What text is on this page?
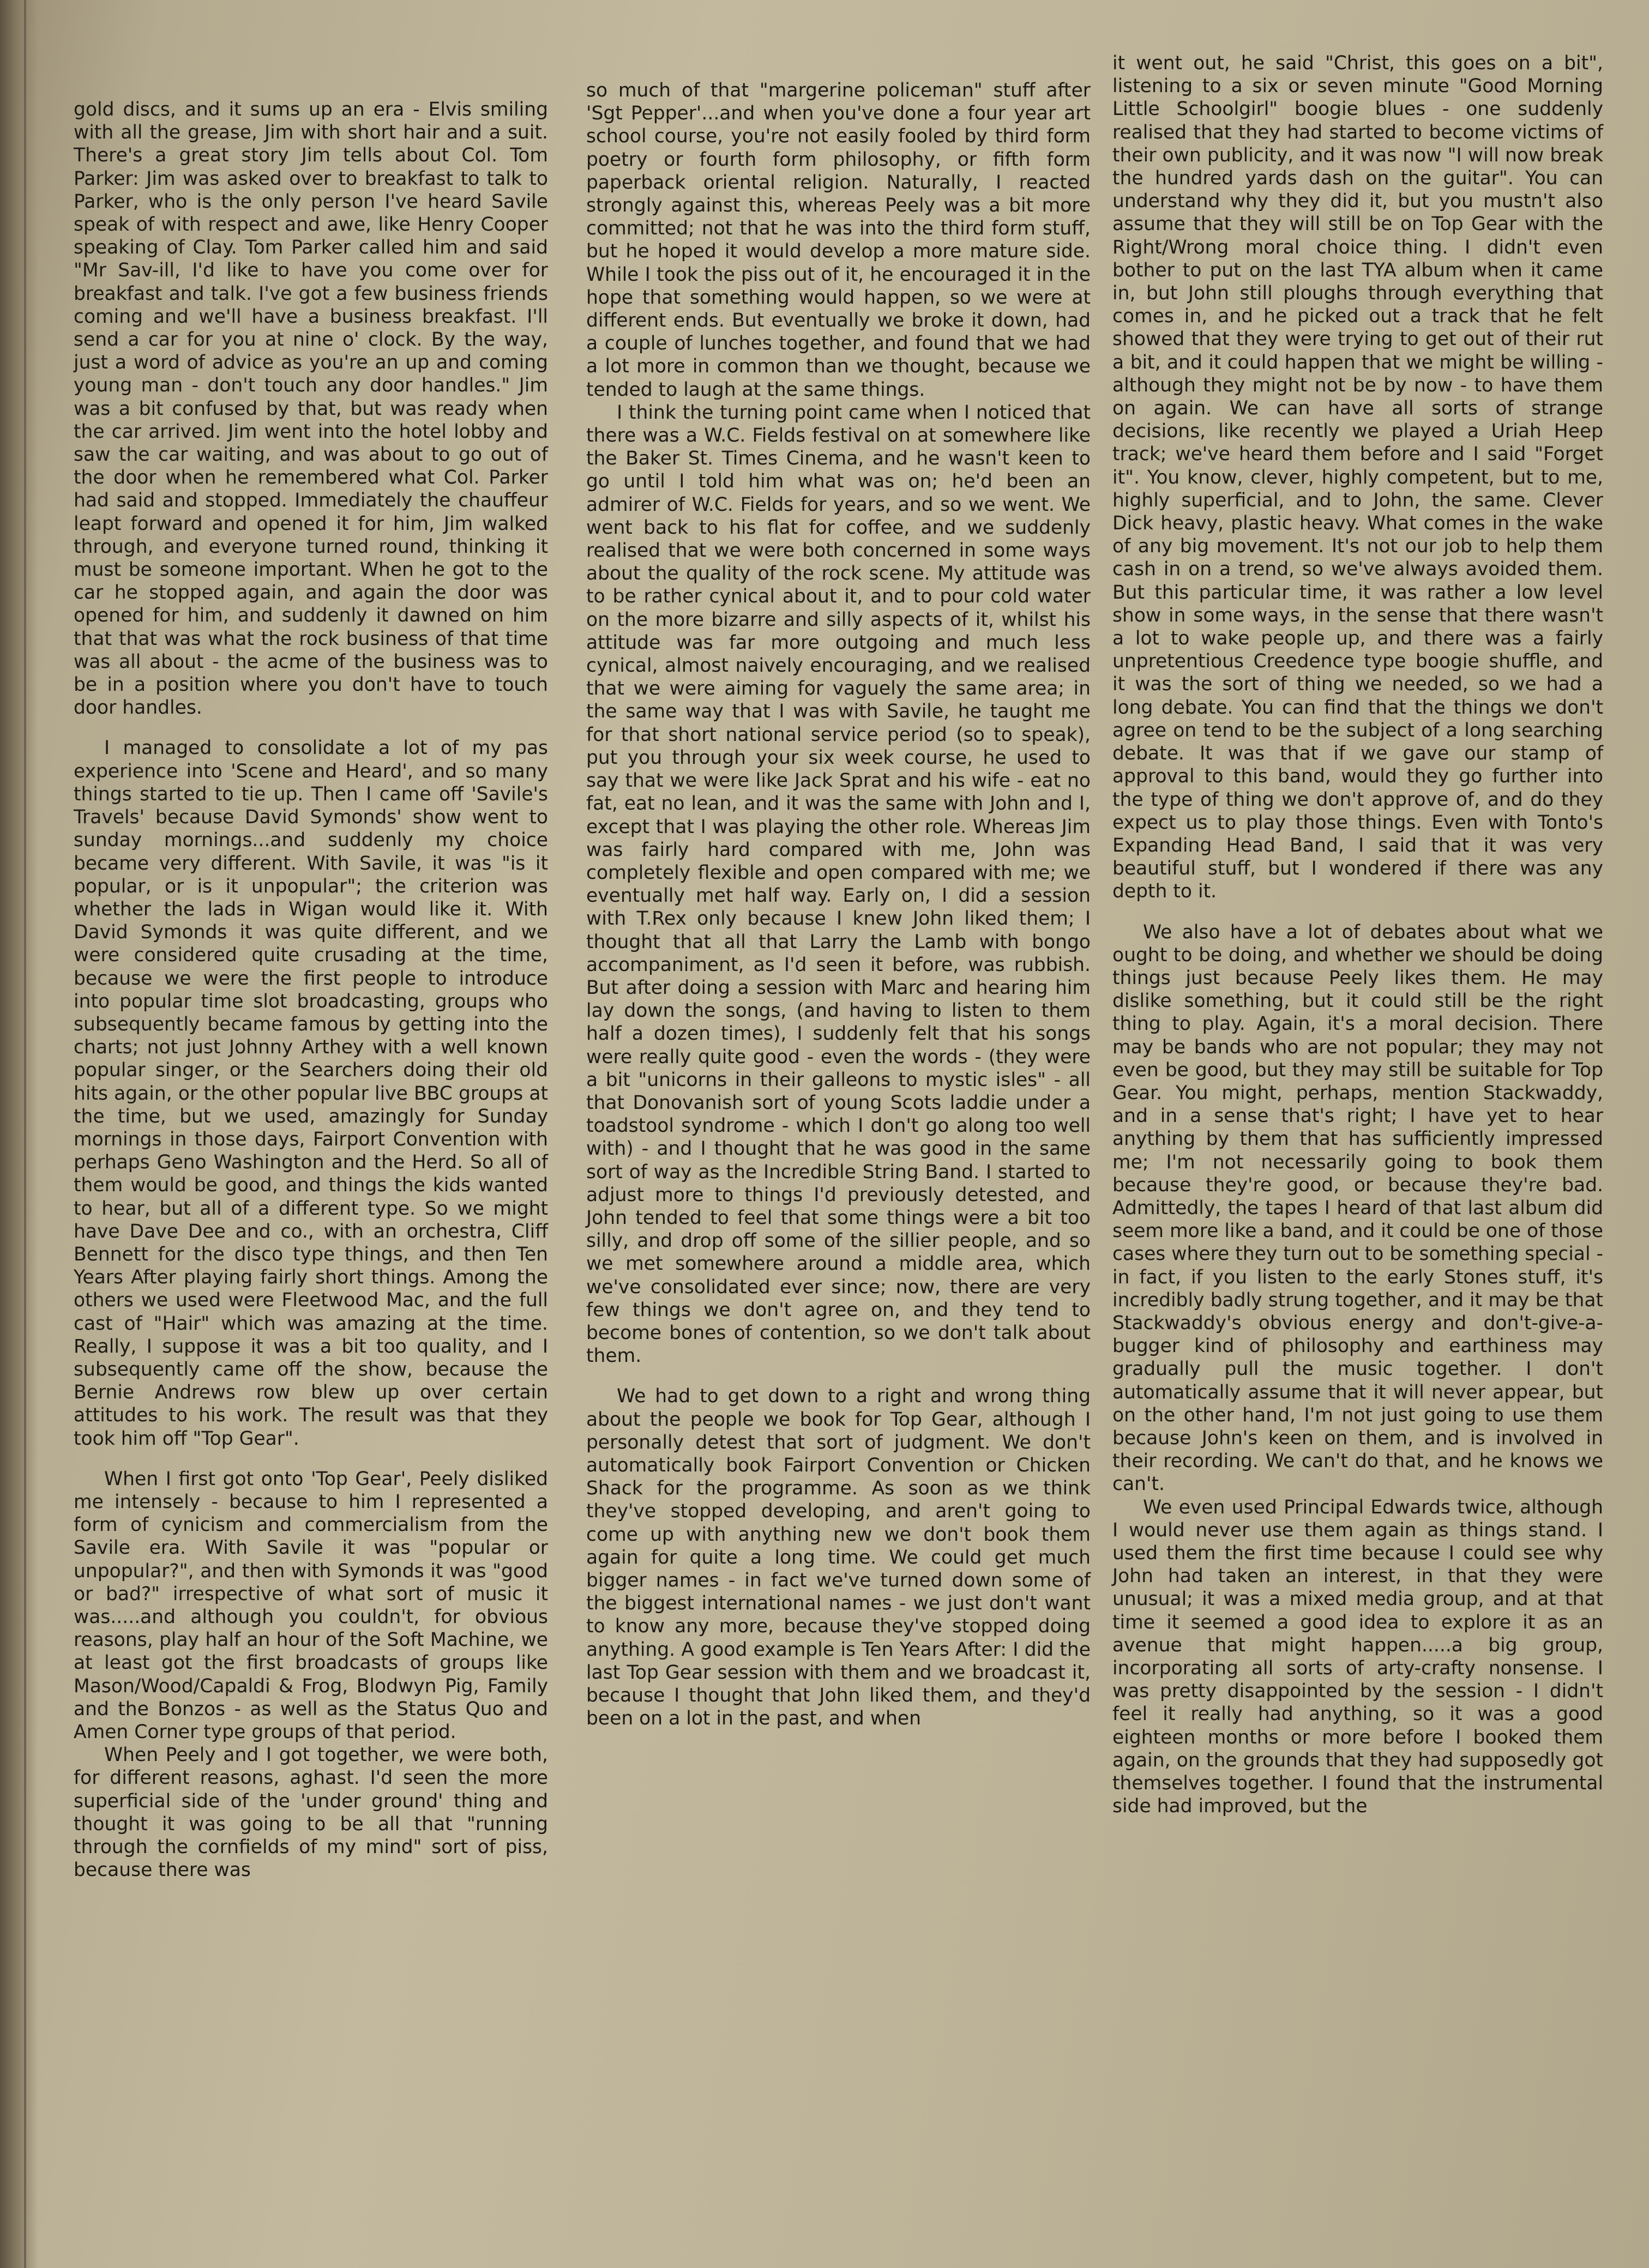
gold discs, and it sums up an era - Elvis smiling with all the grease, Jim with short hair and a suit. There's a great story Jim tells about Col. Tom Parker: Jim was asked over to breakfast to talk to Parker, who is the only person I've heard Savile speak of with respect and awe, like Henry Cooper speaking of Clay. Tom Parker called him and said "Mr Sav-ill, I'd like to have you come over for breakfast and talk. I've got a few business friends coming and we'll have a business breakfast. I'll send a car for you at nine o' clock. By the way, just a word of advice as you're an up and coming young man - don't touch any door handles." Jim was a bit confused by that, but was ready when the car arrived. Jim went into the hotel lobby and saw the car waiting, and was about to go out of the door when he remembered what Col. Parker had said and stopped. Immediately the chauffeur leapt forward and opened it for him, Jim walked through, and everyone turned round, thinking it must be someone important. When he got to the car he stopped again, and again the door was opened for him, and suddenly it dawned on him that that was what the rock business of that time was all about - the acme of the business was to be in a position where you don't have to touch door handles.

I managed to consolidate a lot of my pas experience into 'Scene and Heard', and so many things started to tie up. Then I came off 'Savile's Travels' because David Symonds' show went to sunday mornings...and suddenly my choice became very different. With Savile, it was "is it popular, or is it unpopular"; the criterion was whether the lads in Wigan would like it. With David Symonds it was quite different, and we were considered quite crusading at the time, because we were the first people to introduce into popular time slot broadcasting, groups who subsequently became famous by getting into the charts; not just Johnny Arthey with a well known popular singer, or the Searchers doing their old hits again, or the other popular live BBC groups at the time, but we used, amazingly for Sunday mornings in those days, Fairport Convention with perhaps Geno Washington and the Herd. So all of them would be good, and things the kids wanted to hear, but all of a different type. So we might have Dave Dee and co., with an orchestra, Cliff Bennett for the disco type things, and then Ten Years After playing fairly short things. Among the others we used were Fleetwood Mac, and the full cast of "Hair" which was amazing at the time. Really, I suppose it was a bit too quality, and I subsequently came off the show, because the Bernie Andrews row blew up over certain attitudes to his work. The result was that they took him off "Top Gear".

When I first got onto 'Top Gear', Peely disliked me intensely - because to him I represented a form of cynicism and commercialism from the Savile era. With Savile it was "popular or unpopular?", and then with Symonds it was "good or bad?" irrespective of what sort of music it was.....and although you couldn't, for obvious reasons, play half an hour of the Soft Machine, we at least got the first broadcasts of groups like Mason/Wood/Capaldi & Frog, Blodwyn Pig, Family and the Bonzos - as well as the Status Quo and Amen Corner type groups of that period.

When Peely and I got together, we were both, for different reasons, aghast. I'd seen the more superficial side of the 'under ground' thing and thought it was going to be all that "running through the cornfields of my mind" sort of piss, because there was

so much of that "margerine policeman" stuff after 'Sgt Pepper'...and when you've done a four year art school course, you're not easily fooled by third form poetry or fourth form philosophy, or fifth form paperback oriental religion. Naturally, I reacted strongly against this, whereas Peely was a bit more committed; not that he was into the third form stuff, but he hoped it would develop a more mature side. While I took the piss out of it, he encouraged it in the hope that something would happen, so we were at different ends. But eventually we broke it down, had a couple of lunches together, and found that we had a lot more in common than we thought, because we tended to laugh at the same things.

I think the turning point came when I noticed that there was a W.C. Fields festival on at somewhere like the Baker St. Times Cinema, and he wasn't keen to go until I told him what was on; he'd been an admirer of W.C. Fields for years, and so we went. We went back to his flat for coffee, and we suddenly realised that we were both concerned in some ways about the quality of the rock scene. My attitude was to be rather cynical about it, and to pour cold water on the more bizarre and silly aspects of it, whilst his attitude was far more outgoing and much less cynical, almost naively encouraging, and we realised that we were aiming for vaguely the same area; in the same way that I was with Savile, he taught me for that short national service period (so to speak), put you through your six week course, he used to say that we were like Jack Sprat and his wife - eat no fat, eat no lean, and it was the same with John and I, except that I was playing the other role. Whereas Jim was fairly hard compared with me, John was completely flexible and open compared with me; we eventually met half way. Early on, I did a session with T.Rex only because I knew John liked them; I thought that all that Larry the Lamb with bongo accompaniment, as I'd seen it before, was rubbish. But after doing a session with Marc and hearing him lay down the songs, (and having to listen to them half a dozen times), I suddenly felt that his songs were really quite good - even the words - (they were a bit "unicorns in their galleons to mystic isles" - all that Donovanish sort of young Scots laddie under a toadstool syndrome - which I don't go along too well with) - and I thought that he was good in the same sort of way as the Incredible String Band. I started to adjust more to things I'd previously detested, and John tended to feel that some things were a bit too silly, and drop off some of the sillier people, and so we met somewhere around a middle area, which we've consolidated ever since; now, there are very few things we don't agree on, and they tend to become bones of contention, so we don't talk about them.

We had to get down to a right and wrong thing about the people we book for Top Gear, although I personally detest that sort of judgment. We don't automatically book Fairport Convention or Chicken Shack for the programme. As soon as we think they've stopped developing, and aren't going to come up with anything new we don't book them again for quite a long time. We could get much bigger names - in fact we've turned down some of the biggest international names - we just don't want to know any more, because they've stopped doing anything. A good example is Ten Years After: I did the last Top Gear session with them and we broadcast it, because I thought that John liked them, and they'd been on a lot in the past, and when

it went out, he said "Christ, this goes on a bit", listening to a six or seven minute "Good Morning Little Schoolgirl" boogie blues - one suddenly realised that they had started to become victims of their own publicity, and it was now "I will now break the hundred yards dash on the guitar". You can understand why they did it, but you mustn't also assume that they will still be on Top Gear with the Right/Wrong moral choice thing. I didn't even bother to put on the last TYA album when it came in, but John still ploughs through everything that comes in, and he picked out a track that he felt showed that they were trying to get out of their rut a bit, and it could happen that we might be willing - although they might not be by now - to have them on again. We can have all sorts of strange decisions, like recently we played a Uriah Heep track; we've heard them before and I said "Forget it". You know, clever, highly competent, but to me, highly superficial, and to John, the same. Clever Dick heavy, plastic heavy. What comes in the wake of any big movement. It's not our job to help them cash in on a trend, so we've always avoided them. But this particular time, it was rather a low level show in some ways, in the sense that there wasn't a lot to wake people up, and there was a fairly unpretentious Creedence type boogie shuffle, and it was the sort of thing we needed, so we had a long debate. You can find that the things we don't agree on tend to be the subject of a long searching debate. It was that if we gave our stamp of approval to this band, would they go further into the type of thing we don't approve of, and do they expect us to play those things. Even with Tonto's Expanding Head Band, I said that it was very beautiful stuff, but I wondered if there was any depth to it.

We also have a lot of debates about what we ought to be doing, and whether we should be doing things just because Peely likes them. He may dislike something, but it could still be the right thing to play. Again, it's a moral decision. There may be bands who are not popular; they may not even be good, but they may still be suitable for Top Gear. You might, perhaps, mention Stackwaddy, and in a sense that's right; I have yet to hear anything by them that has sufficiently impressed me; I'm not necessarily going to book them because they're good, or because they're bad. Admittedly, the tapes I heard of that last album did seem more like a band, and it could be one of those cases where they turn out to be something special - in fact, if you listen to the early Stones stuff, it's incredibly badly strung together, and it may be that Stackwaddy's obvious energy and don't-give-a-bugger kind of philosophy and earthiness may gradually pull the music together. I don't automatically assume that it will never appear, but on the other hand, I'm not just going to use them because John's keen on them, and is involved in their recording. We can't do that, and he knows we can't.

We even used Principal Edwards twice, although I would never use them again as things stand. I used them the first time because I could see why John had taken an interest, in that they were unusual; it was a mixed media group, and at that time it seemed a good idea to explore it as an avenue that might happen.....a big group, incorporating all sorts of arty-crafty nonsense. I was pretty disappointed by the session - I didn't feel it really had anything, so it was a good eighteen months or more before I booked them again, on the grounds that they had supposedly got themselves together. I found that the instrumental side had improved, but the
